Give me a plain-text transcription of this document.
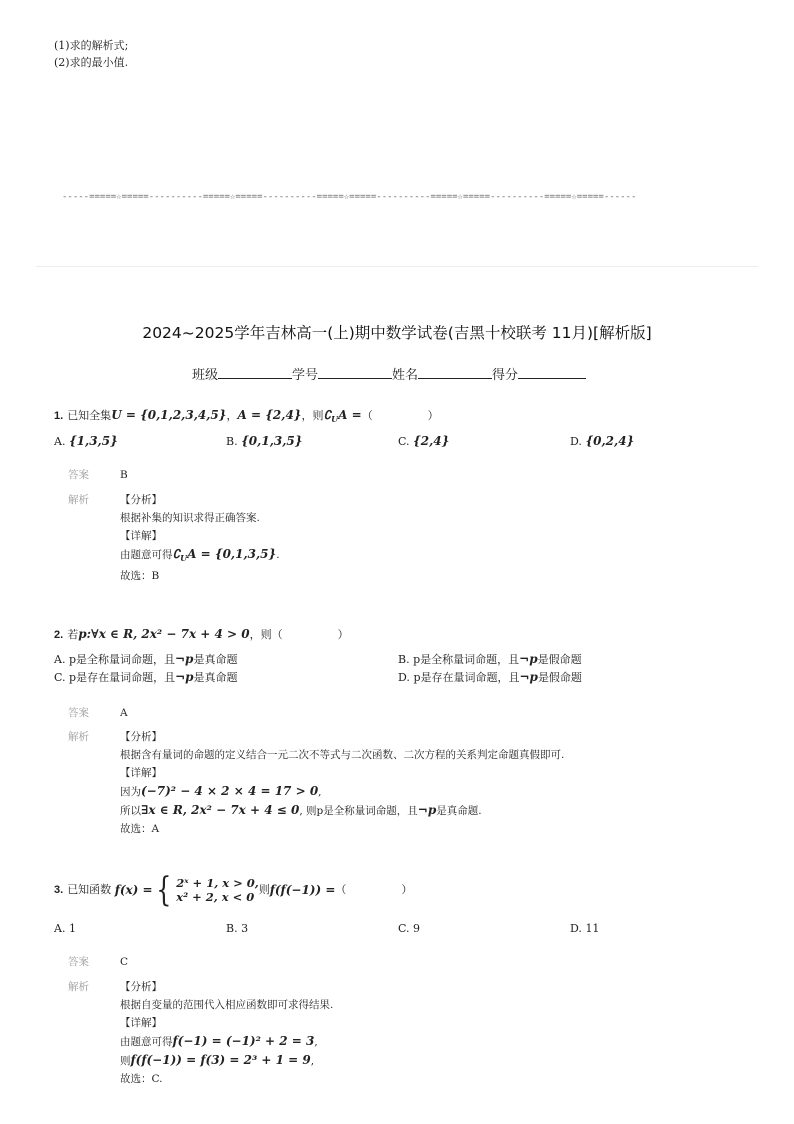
(1)求的解析式;
(2)求的最小值.
-----=====☆=====----------=====☆=====----------=====☆=====----------=====☆=====----------=====☆=====------
2024~2025学年吉林高一(上)期中数学试卷(吉黑十校联考 11月)[解析版]
班级	学号	姓名	得分
1. 已知全集U = {0,1,2,3,4,5}，A = {2,4}，则$∁_UA$ =（　　　　　）
A. {1,3,5}	B. {0,1,3,5}	C. {2,4}	D. {0,2,4}
答案	B
解析	【分析】
根据补集的知识求得正确答案.
【详解】
由题意可得$∁_UA = \{0,1,3,5\}$.
故选：B
2. 若p:∀x ∈ R, 2x² − 7x + 4 > 0，则（　　　　　）
A. p是全称量词命题，且¬p是真命题	B. p是全称量词命题，且¬p是假命题
C. p是存在量词命题，且¬p是真命题	D. p是存在量词命题，且¬p是假命题
答案	A
解析	【分析】
根据含有量词的命题的定义结合一元二次不等式与二次函数、二次方程的关系判定命题真假即可.
【详解】
因为(−7)² − 4 × 2 × 4 = 17 > 0,
所以∃x ∈ R, 2x² − 7x + 4 ≤ 0, 则p是全称量词命题，且¬p是真命题.
故选：A
3. 已知函数
f(x) = { 2ˣ + 1, x > 0,
x² + 2, x < 0
则 f(f(−1)) = （　　　　　）
A. 1	B. 3	C. 9	D. 11
答案	C
解析	【分析】
根据自变量的范围代入相应函数即可求得结果.
【详解】
由题意可得f(−1) = (−1)² + 2 = 3,
则f(f(−1)) = f(3) = 2³ + 1 = 9,
故选：C.
